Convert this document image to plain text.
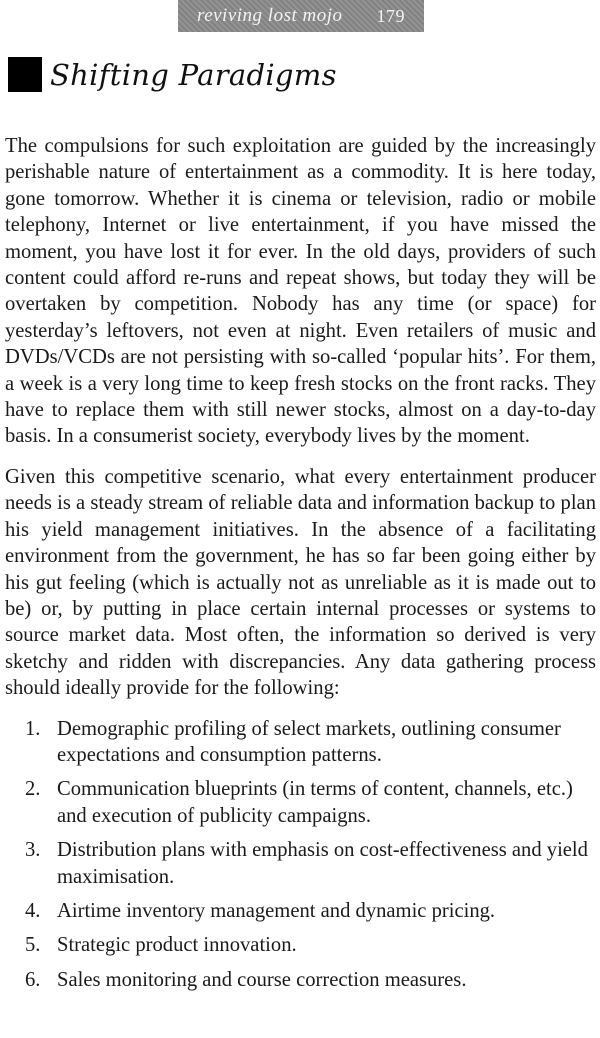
reviving lost mojo 179
Shifting Paradigms

The compulsions for such exploitation are guided by the increasingly perishable nature of entertainment as a commodity. It is here today, gone tomorrow. Whether it is cinema or television, radio or mobile telephony, Internet or live entertainment, if you have missed the moment, you have lost it for ever. In the old days, providers of such content could afford re-runs and repeat shows, but today they will be overtaken by competition. Nobody has any time (or space) for yesterday’s leftovers, not even at night. Even retailers of music and DVDs/VCDs are not persisting with so-called ‘popular hits’. For them, a week is a very long time to keep fresh stocks on the front racks. They have to replace them with still newer stocks, almost on a day-to-day basis. In a consumerist society, everybody lives by the moment.

Given this competitive scenario, what every entertainment producer needs is a steady stream of reliable data and information backup to plan his yield management initiatives. In the absence of a facilitating environment from the government, he has so far been going either by his gut feeling (which is actually not as unreliable as it is made out to be) or, by putting in place certain internal processes or systems to source market data. Most often, the information so derived is very sketchy and ridden with discrepancies. Any data gathering process should ideally provide for the following:

1. Demographic profiling of select markets, outlining consumer expectations and consumption patterns.
2. Communication blueprints (in terms of content, channels, etc.) and execution of publicity campaigns.
3. Distribution plans with emphasis on cost-effectiveness and yield maximisation.
4. Airtime inventory management and dynamic pricing.
5. Strategic product innovation.
6. Sales monitoring and course correction measures.
